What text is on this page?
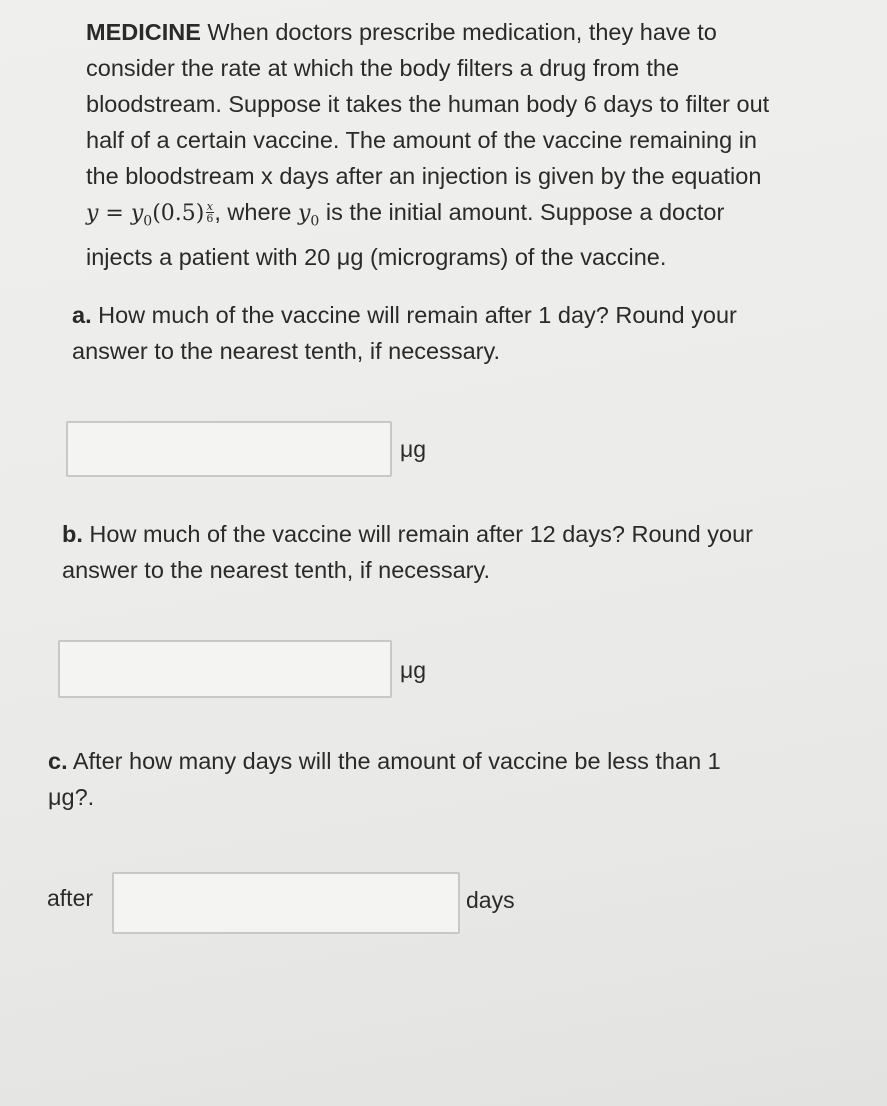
MEDICINE When doctors prescribe medication, they have to
consider the rate at which the body filters a drug from the
bloodstream. Suppose it takes the human body 6 days to filter out
half of a certain vaccine. The amount of the vaccine remaining in
the bloodstream x days after an injection is given by the equation
$y = y_0(0.5) \frac{x}{6}$ , where $y_0$ is the initial amount. Suppose a doctor
injects a patient with 20 μg (micrograms) of the vaccine.
a. How much of the vaccine will remain after 1 day? Round your
answer to the nearest tenth, if necessary.
μg
b. How much of the vaccine will remain after 12 days? Round your
answer to the nearest tenth, if necessary.
μg
c. After how many days will the amount of vaccine be less than 1
μg?.
after	days
